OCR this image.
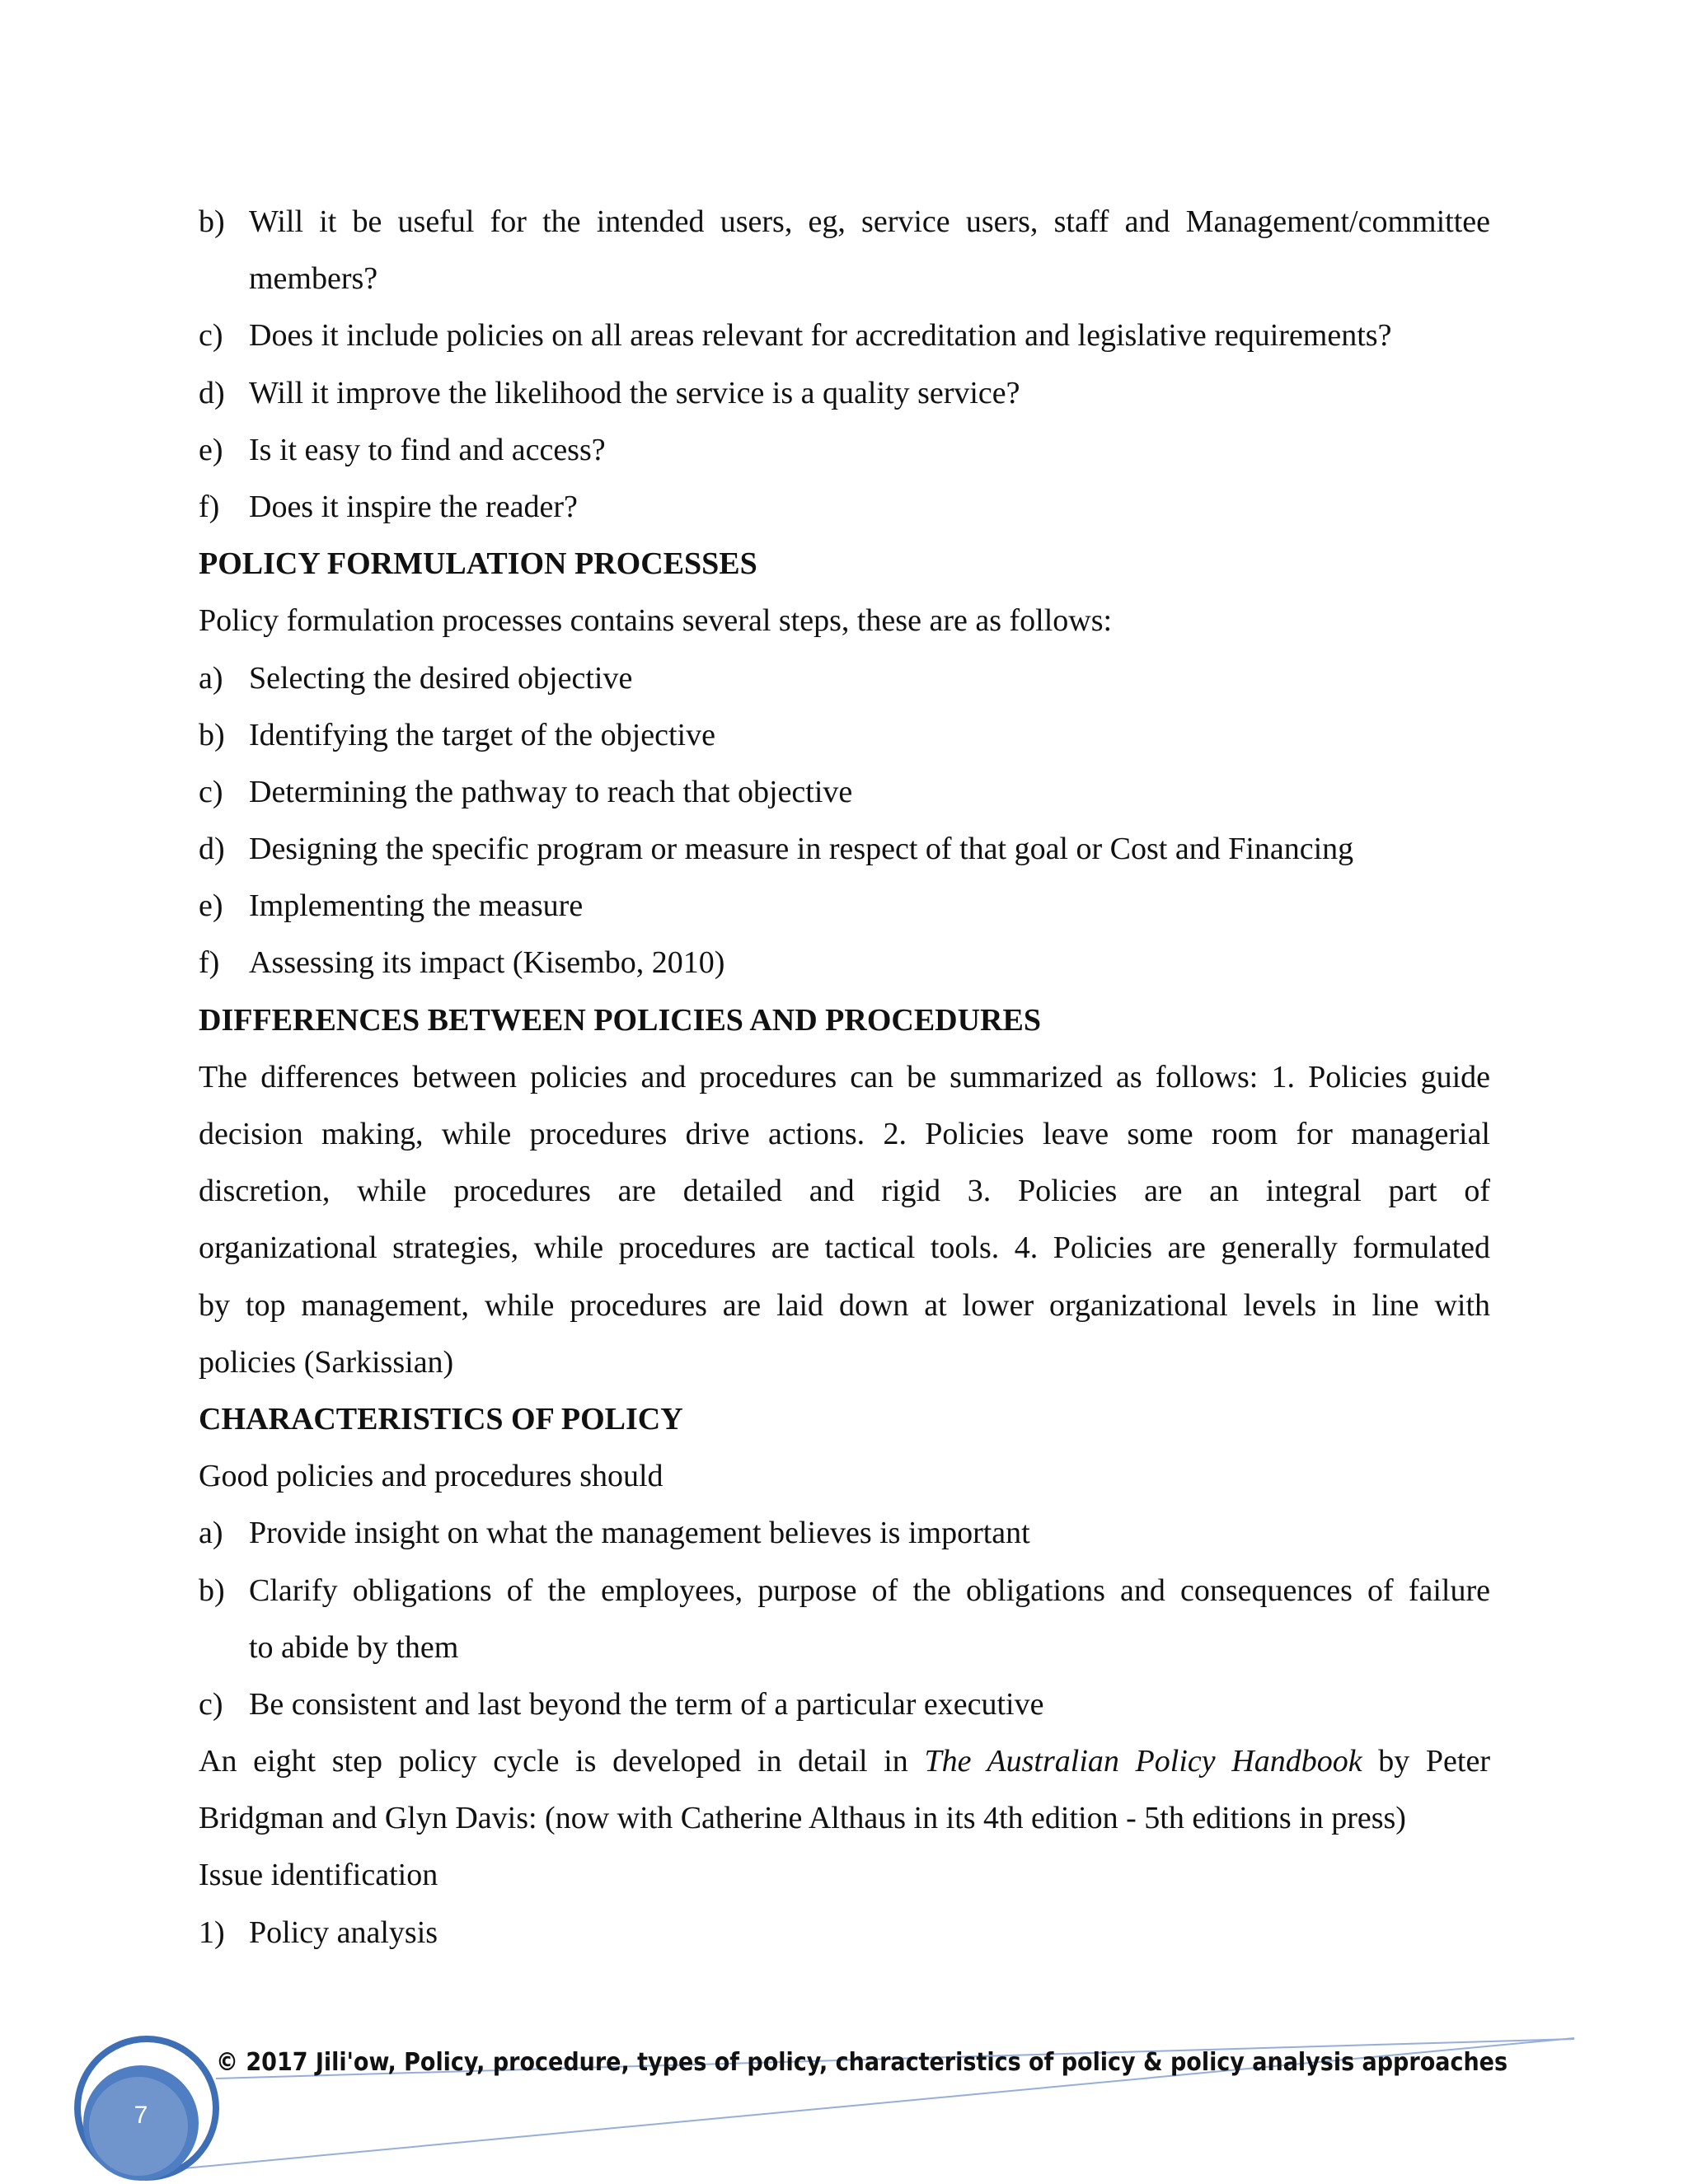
b) Will it be useful for the intended users, eg, service users, staff and Management/committee
members?
c) Does it include policies on all areas relevant for accreditation and legislative requirements?
d) Will it improve the likelihood the service is a quality service?
e) Is it easy to find and access?
f) Does it inspire the reader?
POLICY FORMULATION PROCESSES
Policy formulation processes contains several steps, these are as follows:
a) Selecting the desired objective
b) Identifying the target of the objective
c) Determining the pathway to reach that objective
d) Designing the specific program or measure in respect of that goal or Cost and Financing
e) Implementing the measure
f) Assessing its impact (Kisembo, 2010)
DIFFERENCES BETWEEN POLICIES AND PROCEDURES
The differences between policies and procedures can be summarized as follows: 1. Policies guide
decision making, while procedures drive actions. 2. Policies leave some room for managerial
discretion, while procedures are detailed and rigid 3. Policies are an integral part of
organizational strategies, while procedures are tactical tools. 4. Policies are generally formulated
by top management, while procedures are laid down at lower organizational levels in line with
policies (Sarkissian)
CHARACTERISTICS OF POLICY
Good policies and procedures should
a) Provide insight on what the management believes is important
b) Clarify obligations of the employees, purpose of the obligations and consequences of failure
to abide by them
c) Be consistent and last beyond the term of a particular executive
An eight step policy cycle is developed in detail in The Australian Policy Handbook by Peter
Bridgman and Glyn Davis: (now with Catherine Althaus in its 4th edition - 5th editions in press)
Issue identification
1) Policy analysis
© 2017 Jili'ow, Policy, procedure, types of policy, characteristics of policy & policy analysis approaches
7
